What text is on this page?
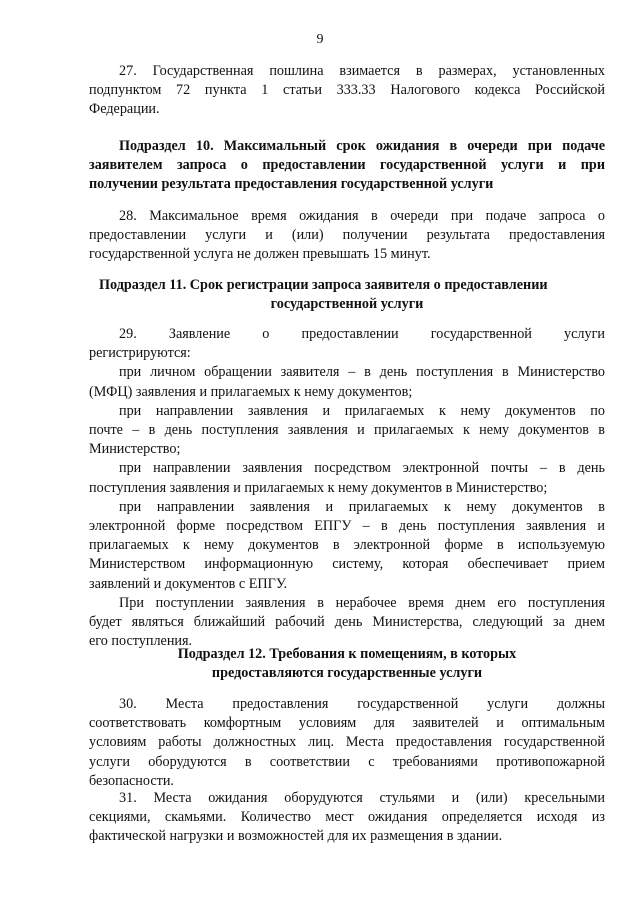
9
27. Государственная пошлина взимается в размерах, установленных
подпунктом 72 пункта 1 статьи 333.33 Налогового кодекса Российской
Федерации.
Подраздел 10. Максимальный срок ожидания в очереди при подаче
заявителем запроса о предоставлении государственной услуги и при
получении результата предоставления государственной услуги
28. Максимальное время ожидания в очереди при подаче запроса о
предоставлении услуги и (или) получении результата предоставления
государственной услуга не должен превышать 15 минут.
Подраздел 11. Срок регистрации запроса заявителя о предоставлении
государственной услуги
29. Заявление о предоставлении государственной услуги
регистрируются:
при личном обращении заявителя – в день поступления в Министерство
(МФЦ) заявления и прилагаемых к нему документов;
при направлении заявления и прилагаемых к нему документов по
почте – в день поступления заявления и прилагаемых к нему документов в
Министерство;
при направлении заявления посредством электронной почты – в день
поступления заявления и прилагаемых к нему документов в Министерство;
при направлении заявления и прилагаемых к нему документов в
электронной форме посредством ЕПГУ – в день поступления заявления и
прилагаемых к нему документов в электронной форме в используемую
Министерством информационную систему, которая обеспечивает прием
заявлений и документов с ЕПГУ.
При поступлении заявления в нерабочее время днем его поступления
будет являться ближайший рабочий день Министерства, следующий за днем
его поступления.
Подраздел 12. Требования к помещениям, в которых
предоставляются государственные услуги
30. Места предоставления государственной услуги должны
соответствовать комфортным условиям для заявителей и оптимальным
условиям работы должностных лиц. Места предоставления государственной
услуги оборудуются в соответствии с требованиями противопожарной
безопасности.
31. Места ожидания оборудуются стульями и (или) кресельными
секциями, скамьями. Количество мест ожидания определяется исходя из
фактической нагрузки и возможностей для их размещения в здании.
